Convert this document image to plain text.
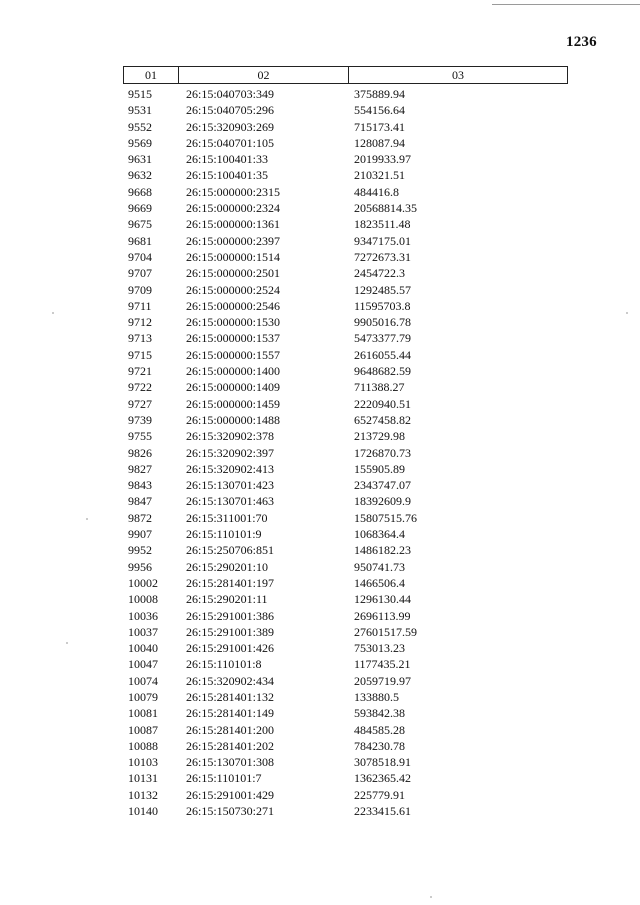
1236
01	02	03
9515	26:15:040703:349	375889.94
9531	26:15:040705:296	554156.64
9552	26:15:320903:269	715173.41
9569	26:15:040701:105	128087.94
9631	26:15:100401:33	2019933.97
9632	26:15:100401:35	210321.51
9668	26:15:000000:2315	484416.8
9669	26:15:000000:2324	20568814.35
9675	26:15:000000:1361	1823511.48
9681	26:15:000000:2397	9347175.01
9704	26:15:000000:1514	7272673.31
9707	26:15:000000:2501	2454722.3
9709	26:15:000000:2524	1292485.57
9711	26:15:000000:2546	11595703.8
9712	26:15:000000:1530	9905016.78
9713	26:15:000000:1537	5473377.79
9715	26:15:000000:1557	2616055.44
9721	26:15:000000:1400	9648682.59
9722	26:15:000000:1409	711388.27
9727	26:15:000000:1459	2220940.51
9739	26:15:000000:1488	6527458.82
9755	26:15:320902:378	213729.98
9826	26:15:320902:397	1726870.73
9827	26:15:320902:413	155905.89
9843	26:15:130701:423	2343747.07
9847	26:15:130701:463	18392609.9
9872	26:15:311001:70	15807515.76
9907	26:15:110101:9	1068364.4
9952	26:15:250706:851	1486182.23
9956	26:15:290201:10	950741.73
10002	26:15:281401:197	1466506.4
10008	26:15:290201:11	1296130.44
10036	26:15:291001:386	2696113.99
10037	26:15:291001:389	27601517.59
10040	26:15:291001:426	753013.23
10047	26:15:110101:8	1177435.21
10074	26:15:320902:434	2059719.97
10079	26:15:281401:132	133880.5
10081	26:15:281401:149	593842.38
10087	26:15:281401:200	484585.28
10088	26:15:281401:202	784230.78
10103	26:15:130701:308	3078518.91
10131	26:15:110101:7	1362365.42
10132	26:15:291001:429	225779.91
10140	26:15:150730:271	2233415.61
